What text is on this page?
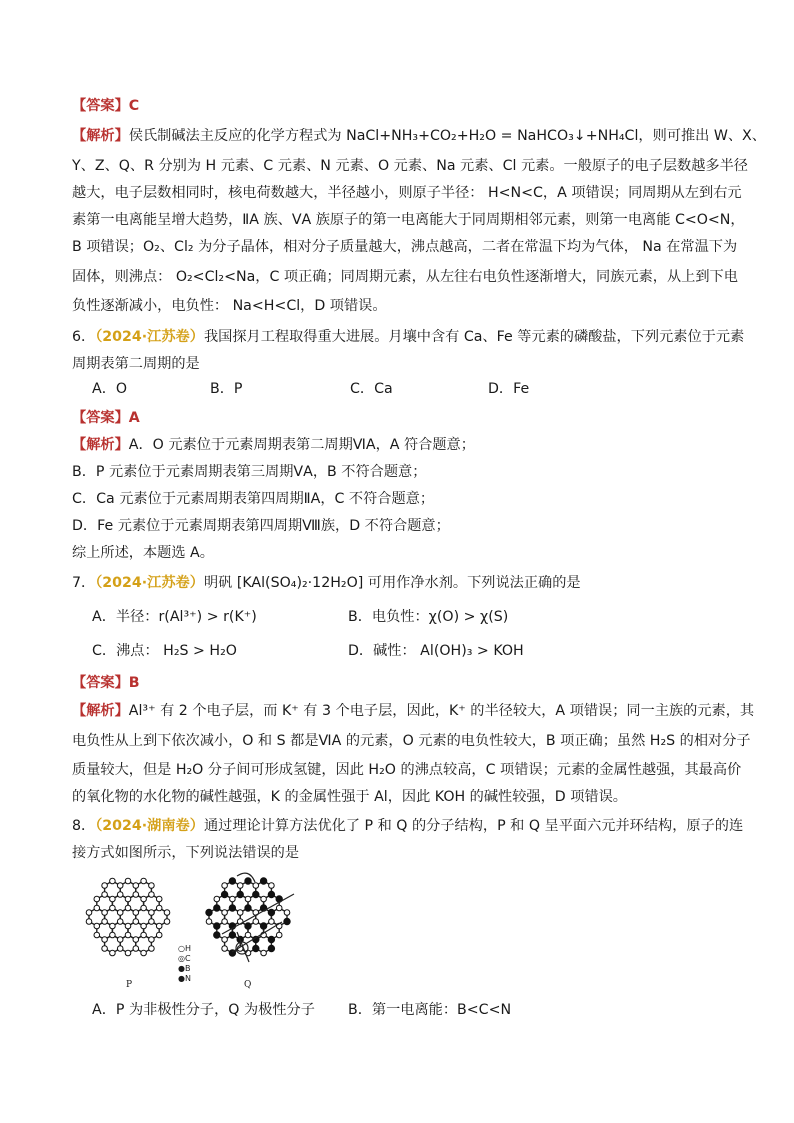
【答案】C
【解析】侯氏制碱法主反应的化学方程式为 NaCl+NH₃+CO₂+H₂O = NaHCO₃↓+NH₄Cl，则可推出 W、X、
Y、Z、Q、R 分别为 H 元素、C 元素、N 元素、O 元素、Na 元素、Cl 元素。一般原子的电子层数越多半径
越大，电子层数相同时，核电荷数越大，半径越小，则原子半径： H<N<C，A 项错误；同周期从左到右元
素第一电离能呈增大趋势，ⅡA 族、ⅤA 族原子的第一电离能大于同周期相邻元素，则第一电离能 C<O<N，
B 项错误；O₂、Cl₂ 为分子晶体，相对分子质量越大，沸点越高，二者在常温下均为气体， Na 在常温下为
固体，则沸点： O₂<Cl₂<Na，C 项正确；同周期元素，从左往右电负性逐渐增大，同族元素，从上到下电
负性逐渐减小，电负性： Na<H<Cl，D 项错误。
6．（2024·江苏卷）我国探月工程取得重大进展。月壤中含有 Ca、Fe 等元素的磷酸盐，下列元素位于元素
周期表第二周期的是
A．O	B．P	C．Ca	D．Fe
【答案】A
【解析】A．O 元素位于元素周期表第二周期ⅥA，A 符合题意；
B．P 元素位于元素周期表第三周期ⅤA，B 不符合题意；
C．Ca 元素位于元素周期表第四周期ⅡA，C 不符合题意；
D．Fe 元素位于元素周期表第四周期Ⅷ族，D 不符合题意；
综上所述，本题选 A。
7．（2024·江苏卷）明矾 [KAl(SO₄)₂·12H₂O] 可用作净水剂。下列说法正确的是
A．半径：r(Al³⁺) > r(K⁺)	B．电负性：χ(O) > χ(S)
C．沸点： H₂S > H₂O	D．碱性： Al(OH)₃ > KOH
【答案】B
【解析】Al³⁺ 有 2 个电子层，而 K⁺ 有 3 个电子层，因此，K⁺ 的半径较大，A 项错误；同一主族的元素，其
电负性从上到下依次减小，O 和 S 都是ⅥA 的元素，O 元素的电负性较大，B 项正确；虽然 H₂S 的相对分子
质量较大，但是 H₂O 分子间可形成氢键，因此 H₂O 的沸点较高，C 项错误；元素的金属性越强，其最高价
的氧化物的水化物的碱性越强，K 的金属性强于 Al，因此 KOH 的碱性较强，D 项错误。
8．（2024·湖南卷）通过理论计算方法优化了 P 和 Q 的分子结构，P 和 Q 呈平面六元并环结构，原子的连
接方式如图所示，下列说法错误的是
P	Q
○H
◎C
●B
●N
A．P 为非极性分子，Q 为极性分子 B．第一电离能：B<C<N
